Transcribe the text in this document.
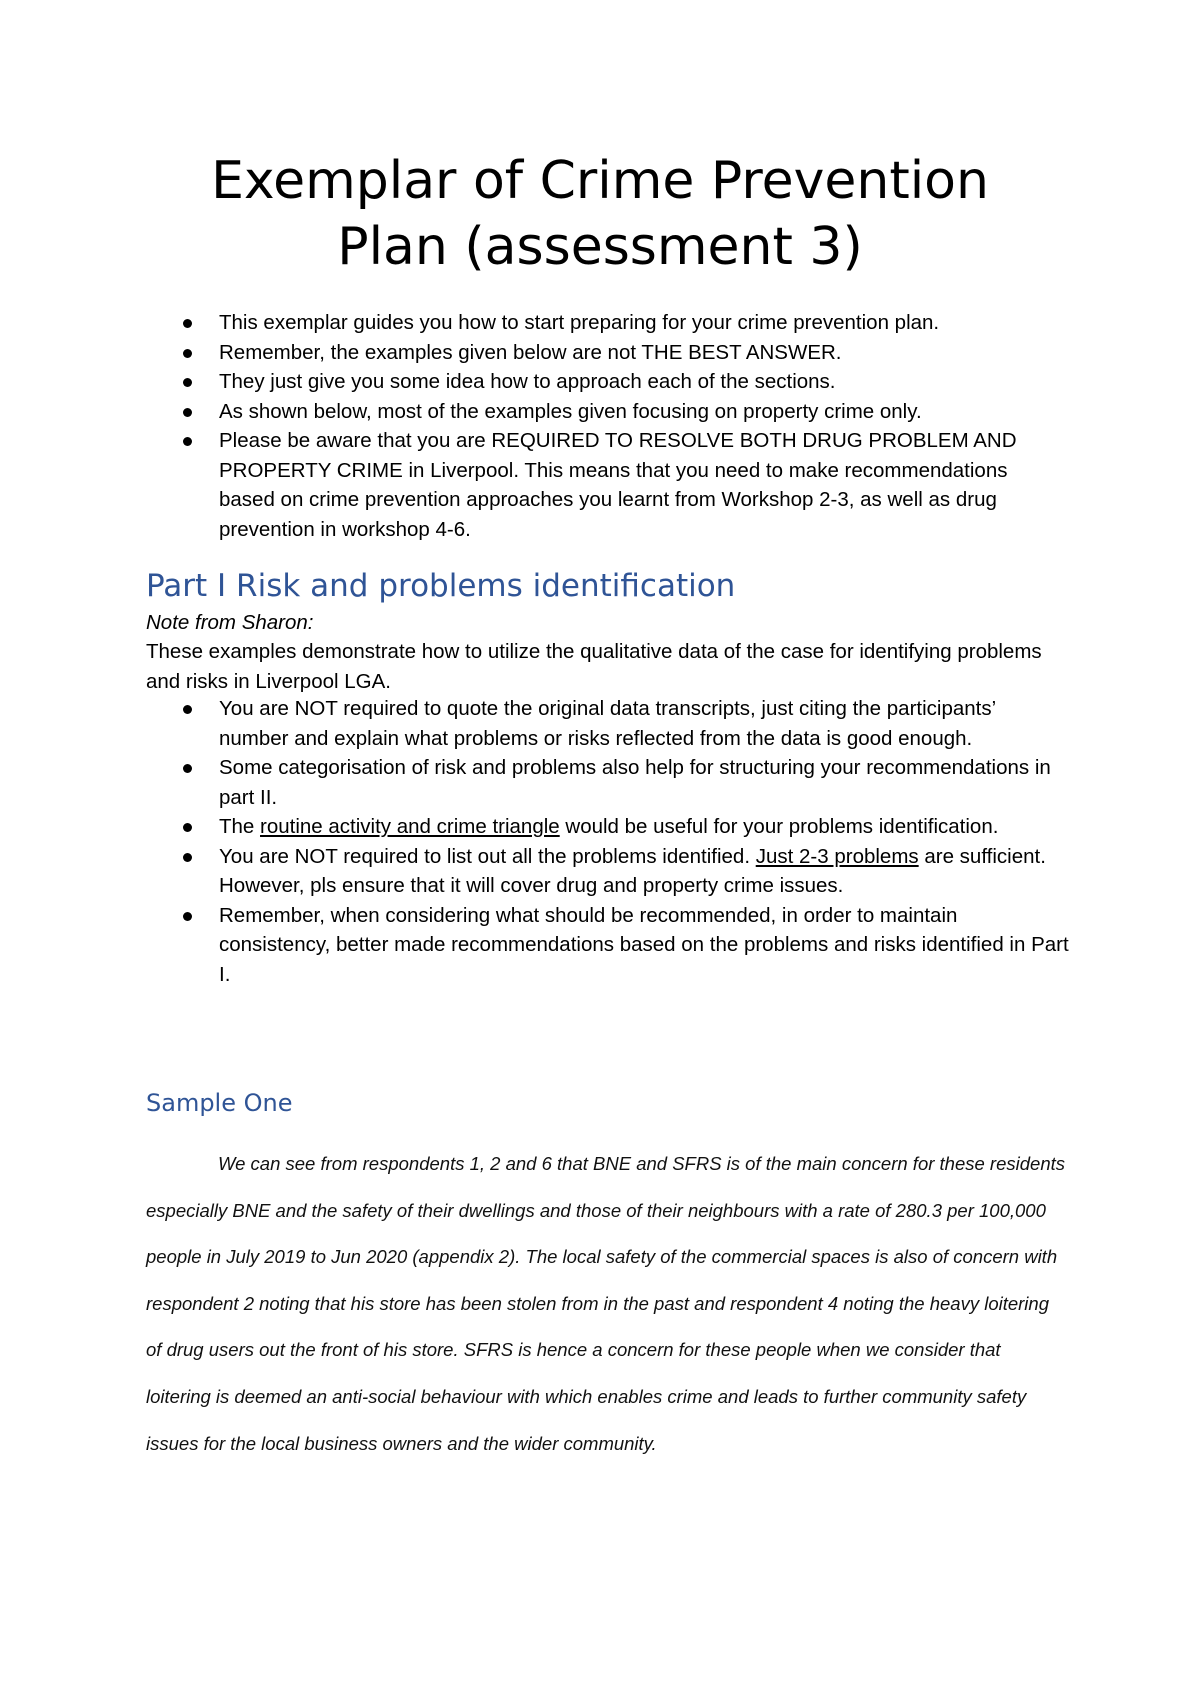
Exemplar of Crime Prevention
Plan (assessment 3)
This exemplar guides you how to start preparing for your crime prevention plan.
Remember, the examples given below are not THE BEST ANSWER.
They just give you some idea how to approach each of the sections.
As shown below, most of the examples given focusing on property crime only.
Please be aware that you are REQUIRED TO RESOLVE BOTH DRUG PROBLEM AND PROPERTY CRIME in Liverpool. This means that you need to make recommendations based on crime prevention approaches you learnt from Workshop 2-3, as well as drug prevention in workshop 4-6.
Part I Risk and problems identification
Note from Sharon:

These examples demonstrate how to utilize the qualitative data of the case for identifying problems and risks in Liverpool LGA.

You are NOT required to quote the original data transcripts, just citing the participants’ number and explain what problems or risks reflected from the data is good enough.
Some categorisation of risk and problems also help for structuring your recommendations in part II.
The routine activity and crime triangle would be useful for your problems identification.
You are NOT required to list out all the problems identified. Just 2-3 problems are sufficient. However, pls ensure that it will cover drug and property crime issues.
Remember, when considering what should be recommended, in order to maintain consistency, better made recommendations based on the problems and risks identified in Part I.
Sample One

We can see from respondents 1, 2 and 6 that BNE and SFRS is of the main concern for these residents especially BNE and the safety of their dwellings and those of their neighbours with a rate of 280.3 per 100,000 people in July 2019 to Jun 2020 (appendix 2). The local safety of the commercial spaces is also of concern with respondent 2 noting that his store has been stolen from in the past and respondent 4 noting the heavy loitering of drug users out the front of his store. SFRS is hence a concern for these people when we consider that loitering is deemed an anti-social behaviour with which enables crime and leads to further community safety issues for the local business owners and the wider community.
